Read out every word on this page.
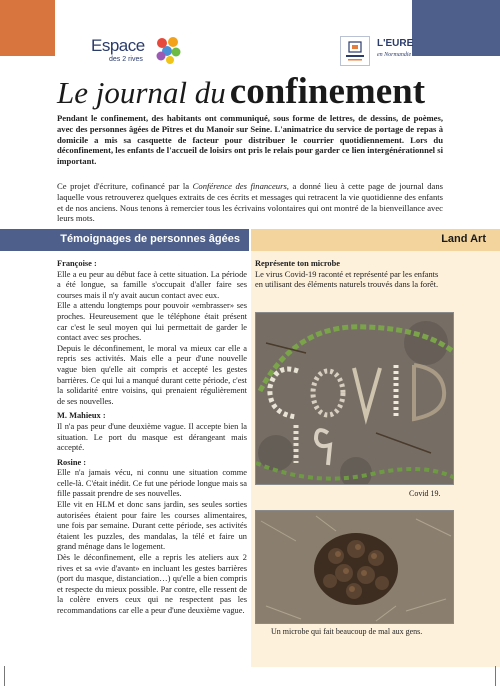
Espace
des 2 rives
L'EURE
en Normandie
Le journal du confinement

Pendant le confinement, des habitants ont communiqué, sous forme de lettres, de dessins, de poèmes, avec des personnes âgées de Pîtres et du Manoir sur Seine. L'animatrice du service de portage de repas à domicile a mis sa casquette de facteur pour distribuer le courrier quotidiennement. Lors du déconfinement, les enfants de l'accueil de loisirs ont pris le relais pour garder ce lien intergénérationnel si important.

Ce projet d'écriture, cofinancé par la Conférence des financeurs, a donné lieu à cette page de journal dans laquelle vous retrouverez quelques extraits de ces écrits et messages qui retracent la vie quotidienne des enfants et de nos anciens. Nous tenons à remercier tous les écrivains volontaires qui ont montré de la bienveillance avec leurs mots.

Témoignages de personnes âgées	Land Art
Françoise :

Elle a eu peur au début face à cette situation. La période a été longue, sa famille s'occupait d'aller faire ses courses mais il n'y avait aucun contact avec eux.

Elle a attendu longtemps pour pouvoir «embrasser» ses proches. Heureusement que le téléphone était présent car c'est le seul moyen qui lui permettait de garder le contact avec ses proches.

Depuis le déconfinement, le moral va mieux car elle a repris ses activités. Mais elle a peur d'une nouvelle vague bien qu'elle ait compris et accepté les gestes barrières. Ce qui lui a manqué durant cette période, c'est la solidarité entre voisins, qui prenaient régulièrement de ses nouvelles.

M. Mahieux :

Il n'a pas peur d'une deuxième vague. Il accepte bien la situation. Le port du masque est dérangeant mais accepté.

Rosine :

Elle n'a jamais vécu, ni connu une situation comme celle-là. C'était inédit. Ce fut une période longue mais sa fille passait prendre de ses nouvelles.

Elle vit en HLM et donc sans jardin, ses seules sorties autorisées étaient pour faire les courses alimentaires, une fois par semaine. Durant cette période, ses activités étaient les puzzles, des mandalas, la télé et faire un grand ménage dans le logement.

Dès le déconfinement, elle a repris les ateliers aux 2 rives et sa «vie d'avant» en incluant les gestes barrières (port du masque, distanciation…) qu'elle a bien compris et respecte du mieux possible. Par contre, elle ressent de la colère envers ceux qui ne respectent pas les recommandations car elle a peur d'une deuxième vague.

Représente ton microbe

Le virus Covid-19 raconté et représenté par les enfants en utilisant des éléments naturels trouvés dans la forêt.

Covid 19.
Un microbe qui fait beaucoup de mal aux gens.
